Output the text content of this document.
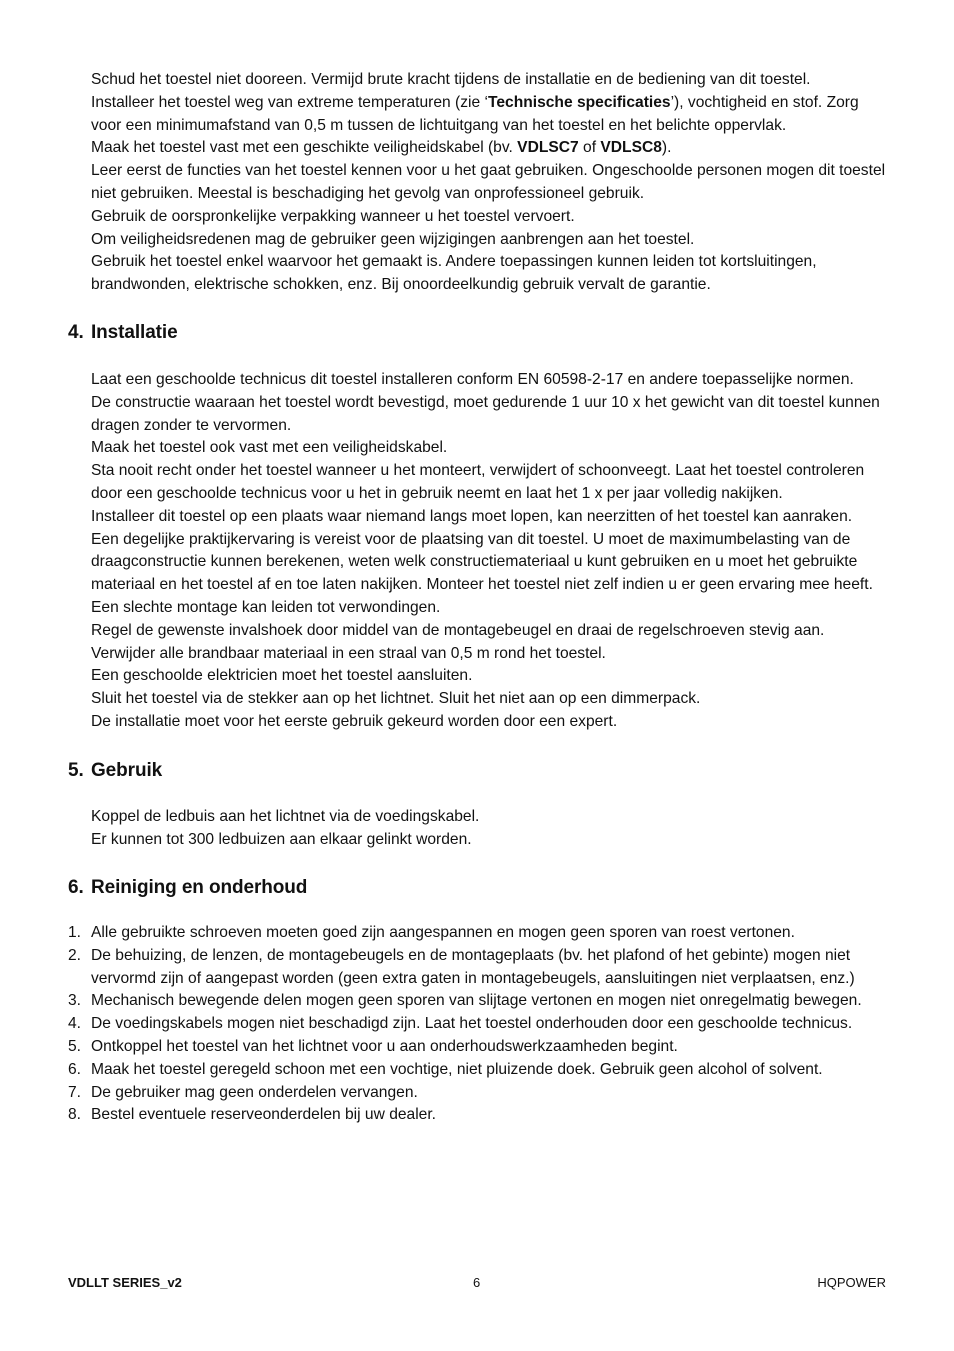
Schud het toestel niet dooreen. Vermijd brute kracht tijdens de installatie en de bediening van dit toestel.

Installeer het toestel weg van extreme temperaturen (zie ‘Technische specificaties’), vochtigheid en stof. Zorg voor een minimumafstand van 0,5 m tussen de lichtuitgang van het toestel en het belichte oppervlak.

Maak het toestel vast met een geschikte veiligheidskabel (bv. VDLSC7 of VDLSC8).

Leer eerst de functies van het toestel kennen voor u het gaat gebruiken. Ongeschoolde personen mogen dit toestel niet gebruiken. Meestal is beschadiging het gevolg van onprofessioneel gebruik.

Gebruik de oorspronkelijke verpakking wanneer u het toestel vervoert.

Om veiligheidsredenen mag de gebruiker geen wijzigingen aanbrengen aan het toestel.

Gebruik het toestel enkel waarvoor het gemaakt is. Andere toepassingen kunnen leiden tot kortsluitingen, brandwonden, elektrische schokken, enz. Bij onoordeelkundig gebruik vervalt de garantie.

4. Installatie

Laat een geschoolde technicus dit toestel installeren conform EN 60598-2-17 en andere toepasselijke normen.

De constructie waaraan het toestel wordt bevestigd, moet gedurende 1 uur 10 x het gewicht van dit toestel kunnen dragen zonder te vervormen.

Maak het toestel ook vast met een veiligheidskabel.

Sta nooit recht onder het toestel wanneer u het monteert, verwijdert of schoonveegt. Laat het toestel controleren door een geschoolde technicus voor u het in gebruik neemt en laat het 1 x per jaar volledig nakijken.

Installeer dit toestel op een plaats waar niemand langs moet lopen, kan neerzitten of het toestel kan aanraken.

Een degelijke praktijkervaring is vereist voor de plaatsing van dit toestel. U moet de maximumbelasting van de draagconstructie kunnen berekenen, weten welk constructiemateriaal u kunt gebruiken en u moet het gebruikte materiaal en het toestel af en toe laten nakijken. Monteer het toestel niet zelf indien u er geen ervaring mee heeft. Een slechte montage kan leiden tot verwondingen.

Regel de gewenste invalshoek door middel van de montagebeugel en draai de regelschroeven stevig aan.

Verwijder alle brandbaar materiaal in een straal van 0,5 m rond het toestel.

Een geschoolde elektricien moet het toestel aansluiten.

Sluit het toestel via de stekker aan op het lichtnet. Sluit het niet aan op een dimmerpack.

De installatie moet voor het eerste gebruik gekeurd worden door een expert.

5. Gebruik

Koppel de ledbuis aan het lichtnet via de voedingskabel.

Er kunnen tot 300 ledbuizen aan elkaar gelinkt worden.

6. Reiniging en onderhoud
1. Alle gebruikte schroeven moeten goed zijn aangespannen en mogen geen sporen van roest vertonen.
2. De behuizing, de lenzen, de montagebeugels en de montageplaats (bv. het plafond of het gebinte) mogen niet vervormd zijn of aangepast worden (geen extra gaten in montagebeugels, aansluitingen niet verplaatsen, enz.)
3. Mechanisch bewegende delen mogen geen sporen van slijtage vertonen en mogen niet onregelmatig bewegen.
4. De voedingskabels mogen niet beschadigd zijn. Laat het toestel onderhouden door een geschoolde technicus.
5. Ontkoppel het toestel van het lichtnet voor u aan onderhoudswerkzaamheden begint.
6. Maak het toestel geregeld schoon met een vochtige, niet pluizende doek. Gebruik geen alcohol of solvent.
7. De gebruiker mag geen onderdelen vervangen.
8. Bestel eventuele reserveonderdelen bij uw dealer.
VDLLT SERIES_v2	6	HQPOWER
